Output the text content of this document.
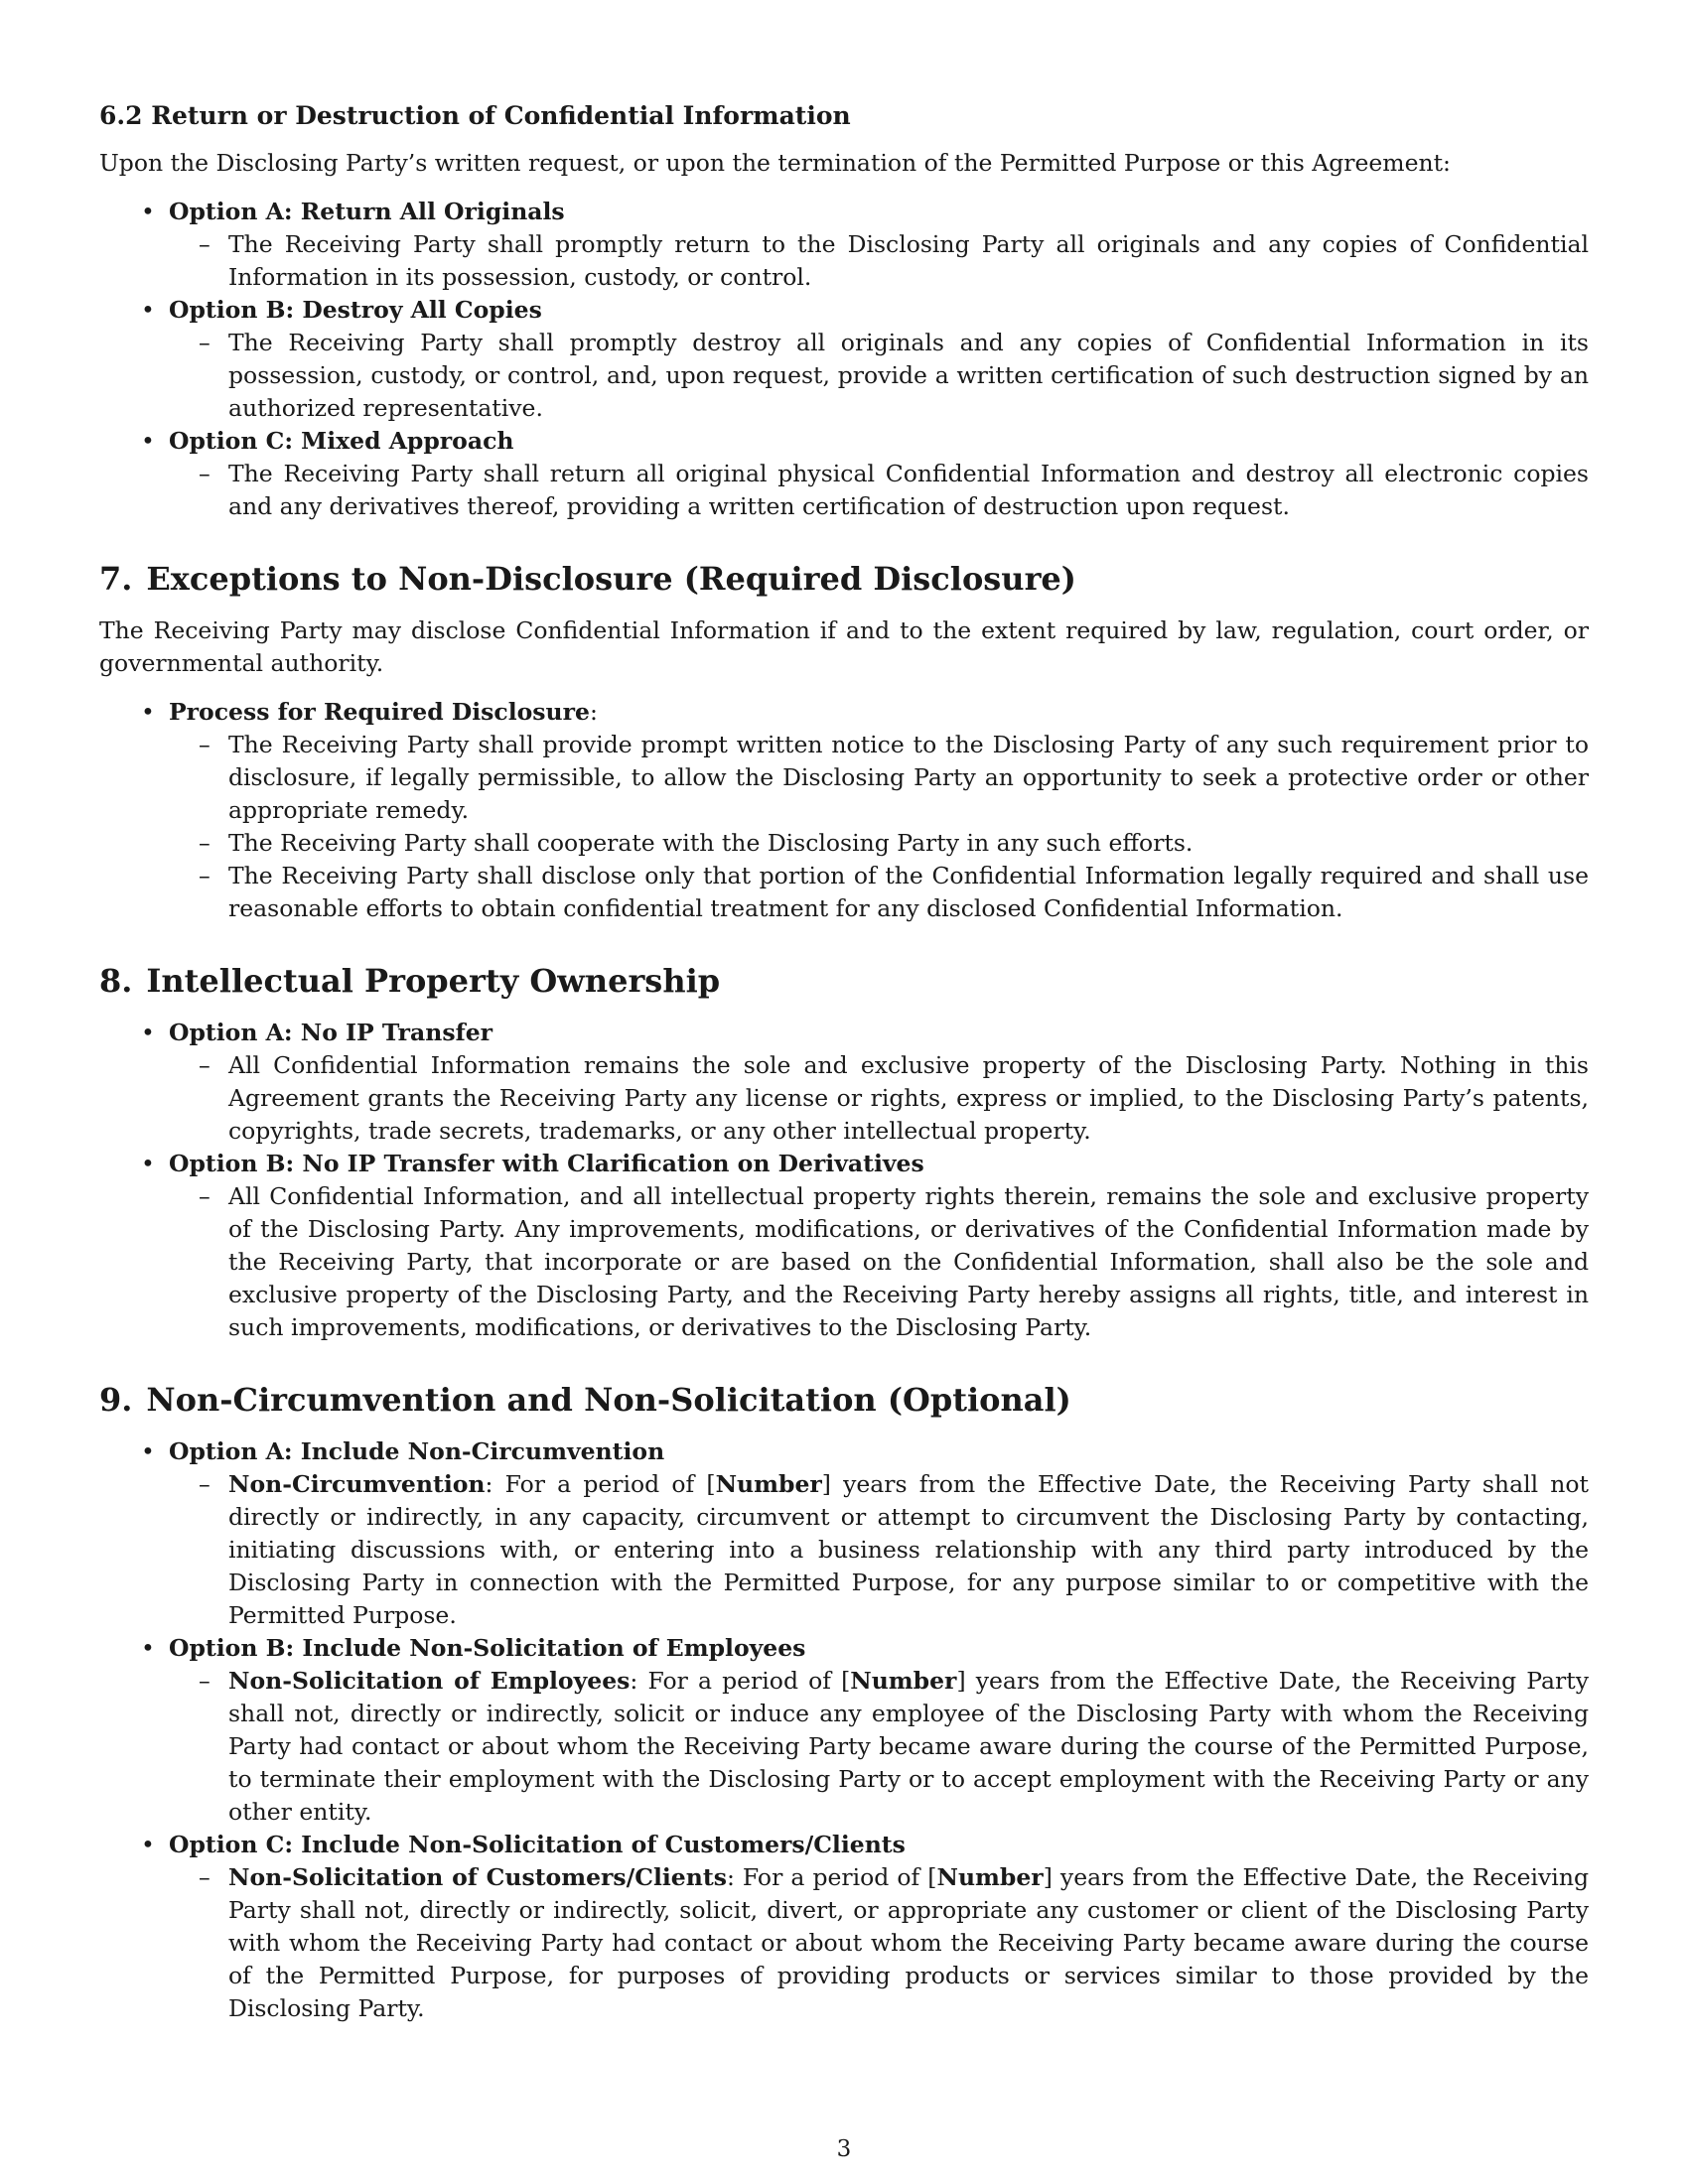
6.2 Return or Destruction of Confidential Information

Upon the Disclosing Party’s written request, or upon the termination of the Permitted Purpose or this Agreement:

• Option A: Return All Originals
– The Receiving Party shall promptly return to the Disclosing Party all originals and any copies of Confidential Information in its possession, custody, or control.
• Option B: Destroy All Copies
– The Receiving Party shall promptly destroy all originals and any copies of Confidential Information in its possession, custody, or control, and, upon request, provide a written certification of such destruction signed by an authorized representative.
• Option C: Mixed Approach
– The Receiving Party shall return all original physical Confidential Information and destroy all electronic copies and any derivatives thereof, providing a written certification of destruction upon request.
7. Exceptions to Non-Disclosure (Required Disclosure)

The Receiving Party may disclose Confidential Information if and to the extent required by law, regulation, court order, or governmental authority.

• Process for Required Disclosure:
– The Receiving Party shall provide prompt written notice to the Disclosing Party of any such requirement prior to disclosure, if legally permissible, to allow the Disclosing Party an opportunity to seek a protective order or other appropriate remedy.
– The Receiving Party shall cooperate with the Disclosing Party in any such efforts.
– The Receiving Party shall disclose only that portion of the Confidential Information legally required and shall use reasonable efforts to obtain confidential treatment for any disclosed Confidential Information.
8. Intellectual Property Ownership
• Option A: No IP Transfer
– All Confidential Information remains the sole and exclusive property of the Disclosing Party. Nothing in this Agreement grants the Receiving Party any license or rights, express or implied, to the Disclosing Party’s patents, copyrights, trade secrets, trademarks, or any other intellectual property.
• Option B: No IP Transfer with Clarification on Derivatives
– All Confidential Information, and all intellectual property rights therein, remains the sole and exclusive property of the Disclosing Party. Any improvements, modifications, or derivatives of the Confidential Information made by the Receiving Party, that incorporate or are based on the Confidential Information, shall also be the sole and exclusive property of the Disclosing Party, and the Receiving Party hereby assigns all rights, title, and interest in such improvements, modifications, or derivatives to the Disclosing Party.
9. Non-Circumvention and Non-Solicitation (Optional)
• Option A: Include Non-Circumvention
– Non-Circumvention: For a period of [Number] years from the Effective Date, the Receiving Party shall not directly or indirectly, in any capacity, circumvent or attempt to circumvent the Disclosing Party by contacting, initiating discussions with, or entering into a business relationship with any third party introduced by the Disclosing Party in connection with the Permitted Purpose, for any purpose similar to or competitive with the Permitted Purpose.
• Option B: Include Non-Solicitation of Employees
– Non-Solicitation of Employees: For a period of [Number] years from the Effective Date, the Receiving Party shall not, directly or indirectly, solicit or induce any employee of the Disclosing Party with whom the Receiving Party had contact or about whom the Receiving Party became aware during the course of the Permitted Purpose, to terminate their employment with the Disclosing Party or to accept employment with the Receiving Party or any other entity.
• Option C: Include Non-Solicitation of Customers/Clients
– Non-Solicitation of Customers/Clients: For a period of [Number] years from the Effective Date, the Receiving Party shall not, directly or indirectly, solicit, divert, or appropriate any customer or client of the Disclosing Party with whom the Receiving Party had contact or about whom the Receiving Party became aware during the course of the Permitted Purpose, for purposes of providing products or services similar to those provided by the Disclosing Party.
3
